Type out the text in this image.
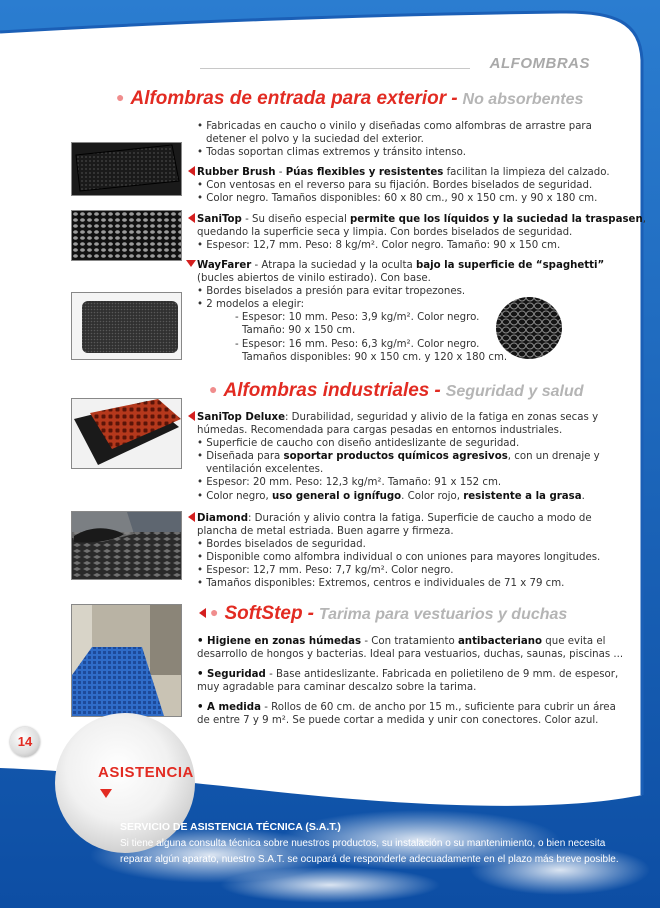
ALFOMBRAS
● Alfombras de entrada para exterior - No absorbentes

• Fabricadas en caucho o vinilo y diseñadas como alfombras de arrastre para

detener el polvo y la suciedad del exterior.

• Todas soportan climas extremos y tránsito intenso.

Rubber Brush - Púas flexibles y resistentes facilitan la limpieza del calzado.

• Con ventosas en el reverso para su fijación. Bordes biselados de seguridad.

• Color negro. Tamaños disponibles: 60 x 80 cm., 90 x 150 cm. y 90 x 180 cm.

SaniTop - Su diseño especial permite que los líquidos y la suciedad la traspasen,

quedando la superficie seca y limpia. Con bordes biselados de seguridad.

• Espesor: 12,7 mm. Peso: 8 kg/m². Color negro. Tamaño: 90 x 150 cm.

WayFarer - Atrapa la suciedad y la oculta bajo la superficie de “spaghetti”

(bucles abiertos de vinilo estirado). Con base.

• Bordes biselados a presión para evitar tropezones.

• 2 modelos a elegir:

- Espesor: 10 mm. Peso: 3,9 kg/m². Color negro.

Tamaño: 90 x 150 cm.

- Espesor: 16 mm. Peso: 6,3 kg/m². Color negro.

Tamaños disponibles: 90 x 150 cm. y 120 x 180 cm.

● Alfombras industriales - Seguridad y salud

SaniTop Deluxe: Durabilidad, seguridad y alivio de la fatiga en zonas secas y

húmedas. Recomendada para cargas pesadas en entornos industriales.

• Superficie de caucho con diseño antideslizante de seguridad.

• Diseñada para soportar productos químicos agresivos, con un drenaje y

ventilación excelentes.

• Espesor: 20 mm. Peso: 12,3 kg/m². Tamaño: 91 x 152 cm.

• Color negro, uso general o ignífugo. Color rojo, resistente a la grasa.

Diamond: Duración y alivio contra la fatiga. Superficie de caucho a modo de

plancha de metal estriada. Buen agarre y firmeza.

• Bordes biselados de seguridad.

• Disponible como alfombra individual o con uniones para mayores longitudes.

• Espesor: 12,7 mm. Peso: 7,7 kg/m². Color negro.

• Tamaños disponibles: Extremos, centros e individuales de 71 x 79 cm.

● SoftStep - Tarima para vestuarios y duchas

• Higiene en zonas húmedas - Con tratamiento antibacteriano que evita el

desarrollo de hongos y bacterias. Ideal para vestuarios, duchas, saunas, piscinas ...

• Seguridad - Base antideslizante. Fabricada en polietileno de 9 mm. de espesor,

muy agradable para caminar descalzo sobre la tarima.

• A medida - Rollos de 60 cm. de ancho por 15 m., suficiente para cubrir un área

de entre 7 y 9 m². Se puede cortar a medida y unir con conectores. Color azul.

14
ASISTENCIA
SERVICIO DE ASISTENCIA TÉCNICA (S.A.T.)
Si tiene alguna consulta técnica sobre nuestros productos, su instalación o su mantenimiento, o bien necesita
reparar algún aparato, nuestro S.A.T. se ocupará de responderle adecuadamente en el plazo más breve posible.
